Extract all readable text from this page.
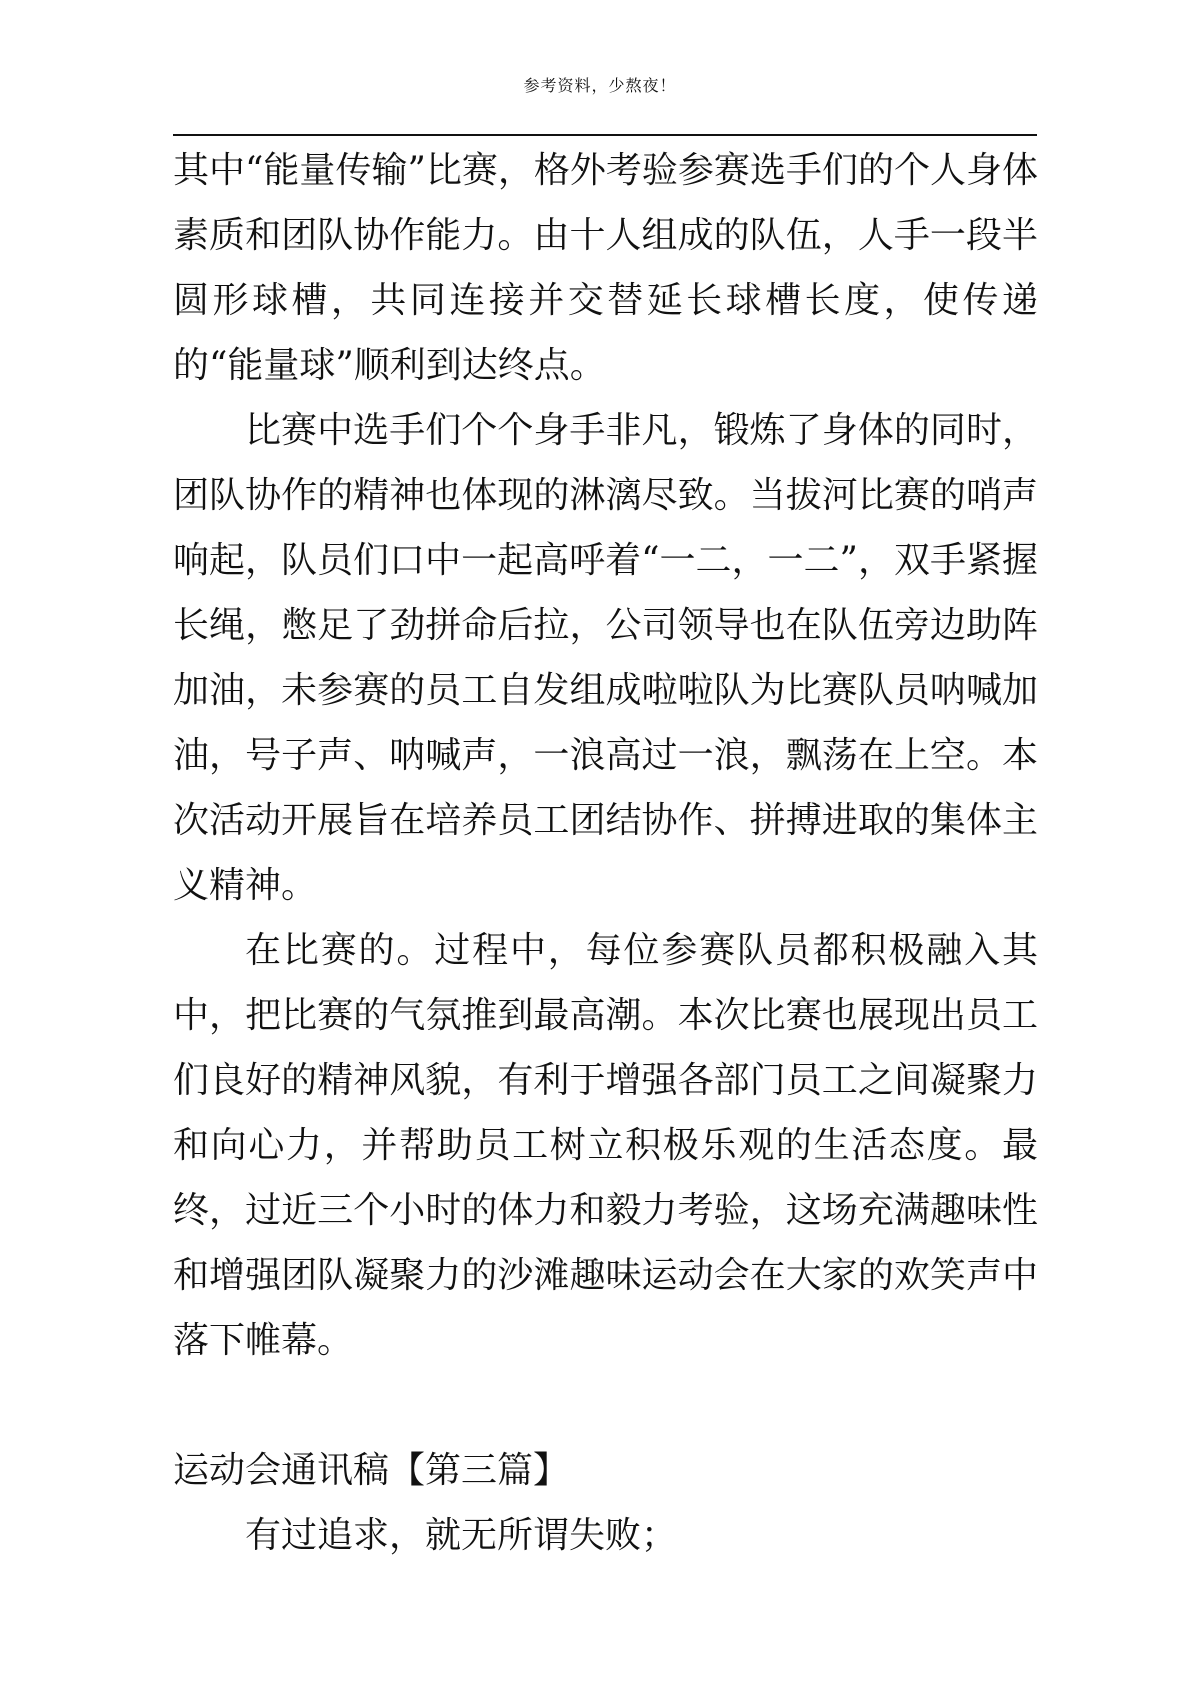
参考资料，少熬夜！

其中“能量传输”比赛，格外考验参赛选手们的个人身体素质和团队协作能力。由十人组成的队伍，人手一段半圆形球槽，共同连接并交替延长球槽长度，使传递的“能量球”顺利到达终点。

比赛中选手们个个身手非凡，锻炼了身体的同时，团队协作的精神也体现的淋漓尽致。当拔河比赛的哨声响起，队员们口中一起高呼着“一二，一二”，双手紧握长绳，憋足了劲拼命后拉，公司领导也在队伍旁边助阵加油，未参赛的员工自发组成啦啦队为比赛队员呐喊加油，号子声、呐喊声，一浪高过一浪，飘荡在上空。本次活动开展旨在培养员工团结协作、拼搏进取的集体主义精神。

在比赛的。过程中，每位参赛队员都积极融入其中，把比赛的气氛推到最高潮。本次比赛也展现出员工们良好的精神风貌，有利于增强各部门员工之间凝聚力和向心力，并帮助员工树立积极乐观的生活态度。最终，过近三个小时的体力和毅力考验，这场充满趣味性和增强团队凝聚力的沙滩趣味运动会在大家的欢笑声中落下帷幕。

运动会通讯稿【第三篇】

有过追求，就无所谓失败；
